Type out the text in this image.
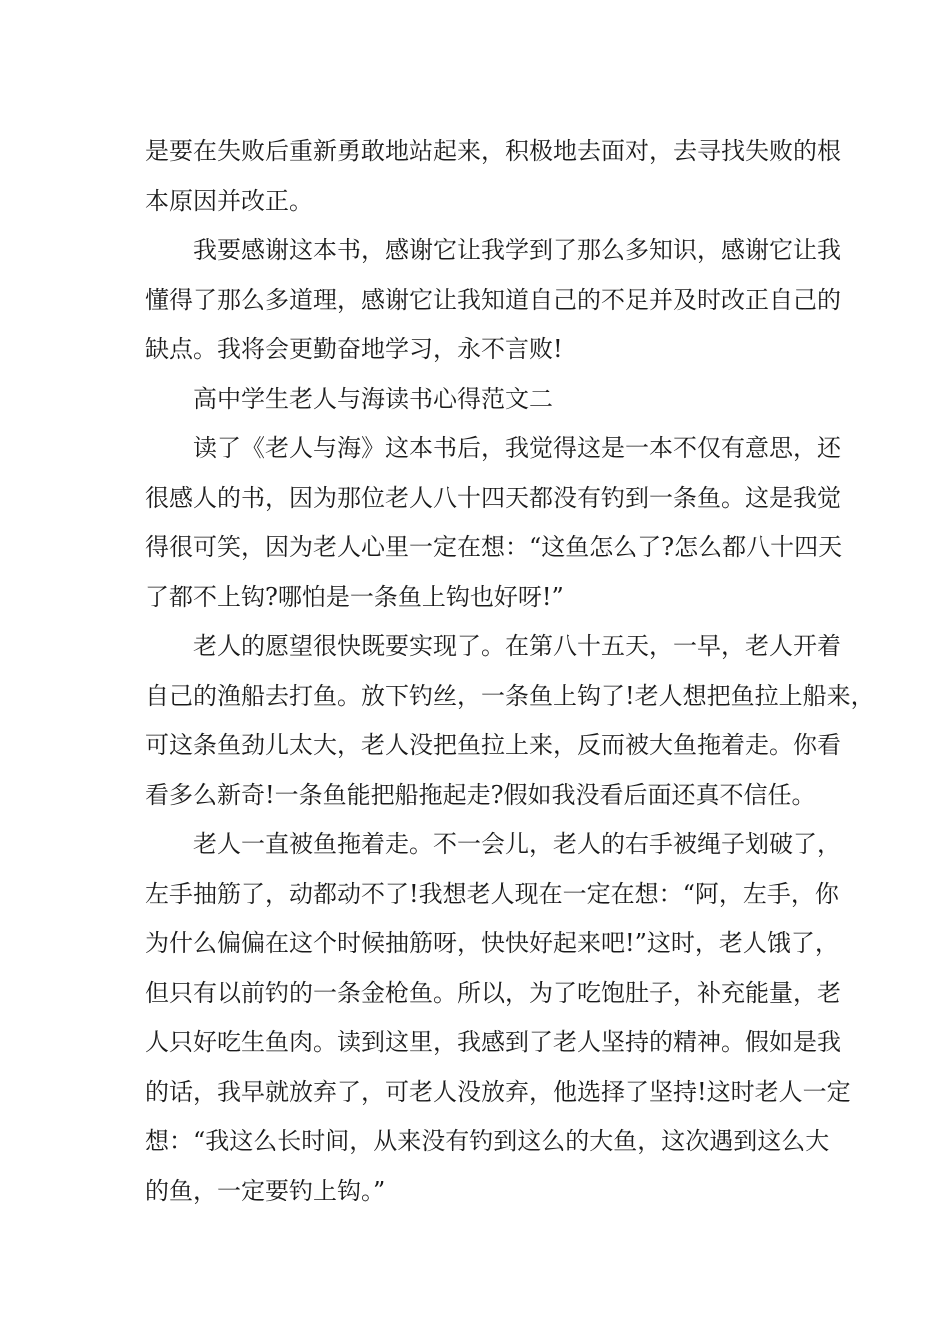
是要在失败后重新勇敢地站起来，积极地去面对，去寻找失败的根
本原因并改正。
我要感谢这本书，感谢它让我学到了那么多知识，感谢它让我
懂得了那么多道理，感谢它让我知道自己的不足并及时改正自己的
缺点。我将会更勤奋地学习，永不言败!
高中学生老人与海读书心得范文二
读了《老人与海》这本书后，我觉得这是一本不仅有意思，还
很感人的书，因为那位老人八十四天都没有钓到一条鱼。这是我觉
得很可笑，因为老人心里一定在想：“这鱼怎么了?怎么都八十四天
了都不上钩?哪怕是一条鱼上钩也好呀!”
老人的愿望很快既要实现了。在第八十五天，一早，老人开着
自己的渔船去打鱼。放下钓丝，一条鱼上钩了!老人想把鱼拉上船来，
可这条鱼劲儿太大，老人没把鱼拉上来，反而被大鱼拖着走。你看
看多么新奇!一条鱼能把船拖起走?假如我没看后面还真不信任。
老人一直被鱼拖着走。不一会儿，老人的右手被绳子划破了，
左手抽筋了，动都动不了!我想老人现在一定在想：“阿，左手，你
为什么偏偏在这个时候抽筋呀，快快好起来吧!”这时，老人饿了，
但只有以前钓的一条金枪鱼。所以，为了吃饱肚子，补充能量，老
人只好吃生鱼肉。读到这里，我感到了老人坚持的精神。假如是我
的话，我早就放弃了，可老人没放弃，他选择了坚持!这时老人一定
想：“我这么长时间，从来没有钓到这么的大鱼，这次遇到这么大
的鱼，一定要钓上钩。”
